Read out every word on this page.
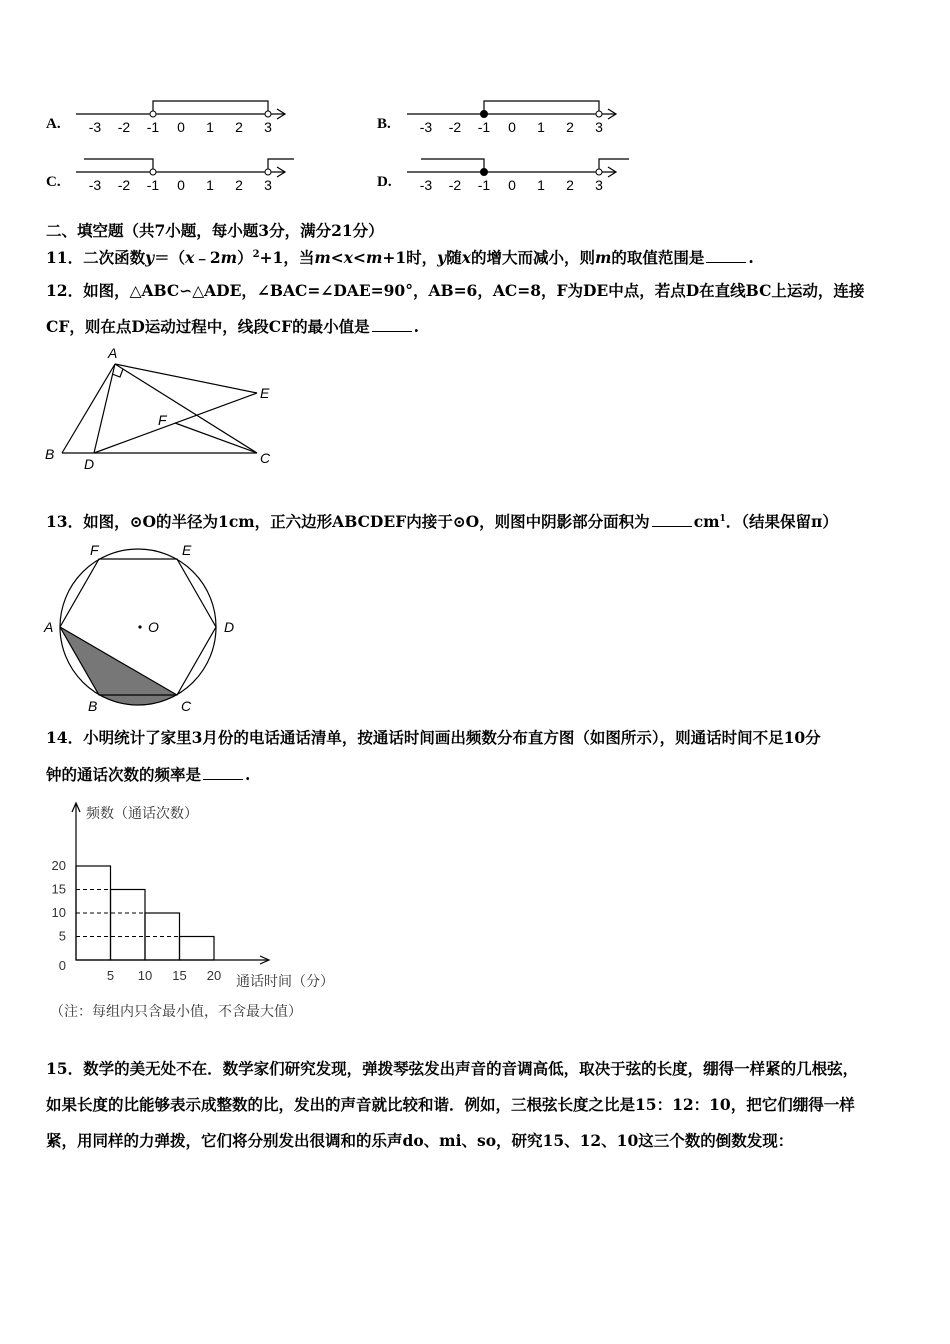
A.	B.
C.	D.
-3 -2 -1 0 1 2 3	-3 -2 -1 0 1 2 3
-3 -2 -1 0 1 2 3	-3 -2 -1 0 1 2 3
二、填空题（共7小题，每小题3分，满分21分）
11．二次函数y＝（x﹣2m）$^2$+1，当m<x<m+1时，y随x的增大而减小，则m的取值范围是	.
12．如图，△ABC∽△ADE，∠BAC=∠DAE=90°，AB=6，AC=8，F为DE中点，若点D在直线BC上运动，连接
CF，则在点D运动过程中，线段CF的最小值是	.
A
B
D	C
E
F
13．如图，⊙O的半径为1cm，正六边形ABCDEF内接于⊙O，则图中阴影部分面积为	$cm^1$．（结果保留π）
A
B	C
D
E
F
O
14．小明统计了家里3月份的电话通话清单，按通话时间画出频数分布直方图（如图所示），则通话时间不足10分
钟的通话次数的频率是	.
频数（通话次数）
通话时间（分）
（注：每组内只含最小值，不含最大值）
0
5
10
15
20
5 10 15 20
15．数学的美无处不在．数学家们研究发现，弹拨琴弦发出声音的音调高低，取决于弦的长度，绷得一样紧的几根弦，
如果长度的比能够表示成整数的比，发出的声音就比较和谐．例如，三根弦长度之比是15：12：10，把它们绷得一样
紧，用同样的力弹拨，它们将分别发出很调和的乐声do、mi、so，研究15、12、10这三个数的倒数发现：
